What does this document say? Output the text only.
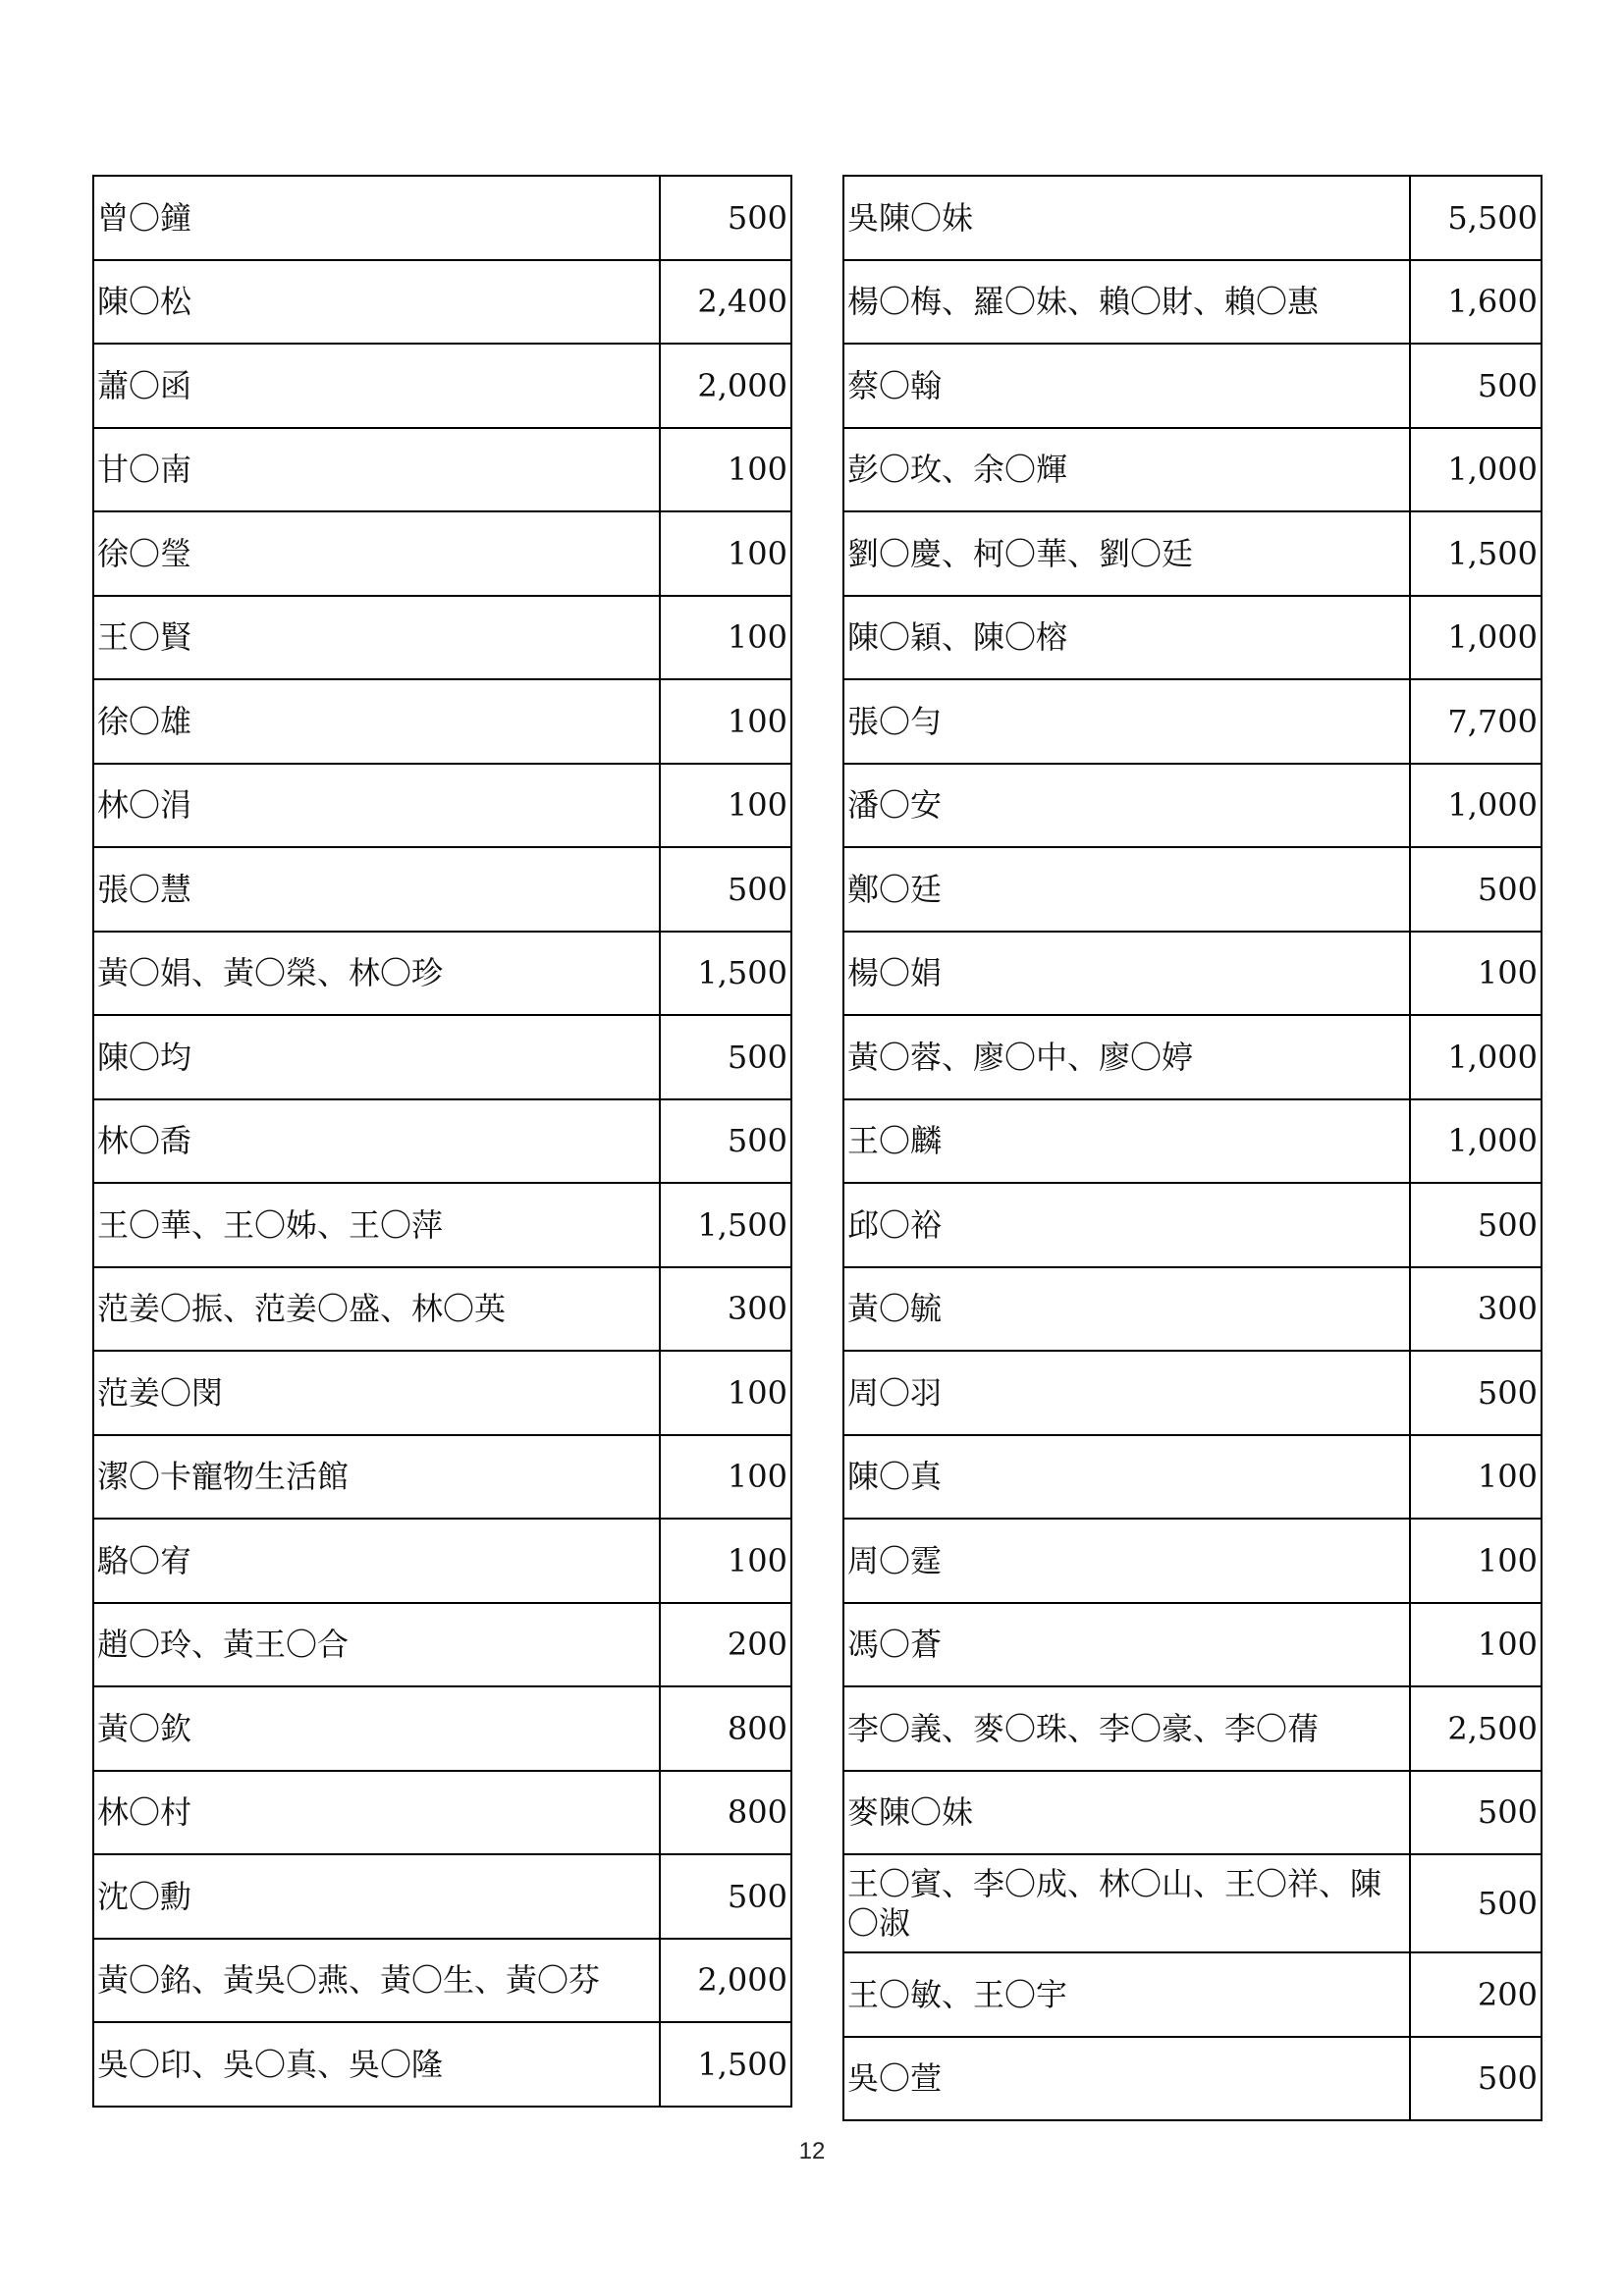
曾〇鐘	500
陳〇松	2,400
蕭〇函	2,000
甘〇南	100
徐〇瑩	100
王〇賢	100
徐〇雄	100
林〇涓	100
張〇慧	500
黃〇娟、黃〇榮、林〇珍	1,500
陳〇均	500
林〇喬	500
王〇華、王〇姊、王〇萍	1,500
范姜〇振、范姜〇盛、林〇英	300
范姜〇閔	100
潔〇卡寵物生活館	100
駱〇宥	100
趙〇玲、黃王〇合	200
黃〇欽	800
林〇村	800
沈〇勳	500
黃〇銘、黃吳〇燕、黃〇生、黃〇芬	2,000
吳〇印、吳〇真、吳〇隆	1,500
吳陳〇妹	5,500
楊〇梅、羅〇妹、賴〇財、賴〇惠	1,600
蔡〇翰	500
彭〇玫、余〇輝	1,000
劉〇慶、柯〇華、劉〇廷	1,500
陳〇穎、陳〇榕	1,000
張〇勻	7,700
潘〇安	1,000
鄭〇廷	500
楊〇娟	100
黃〇蓉、廖〇中、廖〇婷	1,000
王〇麟	1,000
邱〇裕	500
黃〇毓	300
周〇羽	500
陳〇真	100
周〇霆	100
馮〇蒼	100
李〇義、麥〇珠、李〇豪、李〇蒨	2,500
麥陳〇妹	500
王〇賓、李〇成、林〇山、王〇祥、陳〇淑	500
王〇敏、王〇宇	200
吳〇萱	500
12
